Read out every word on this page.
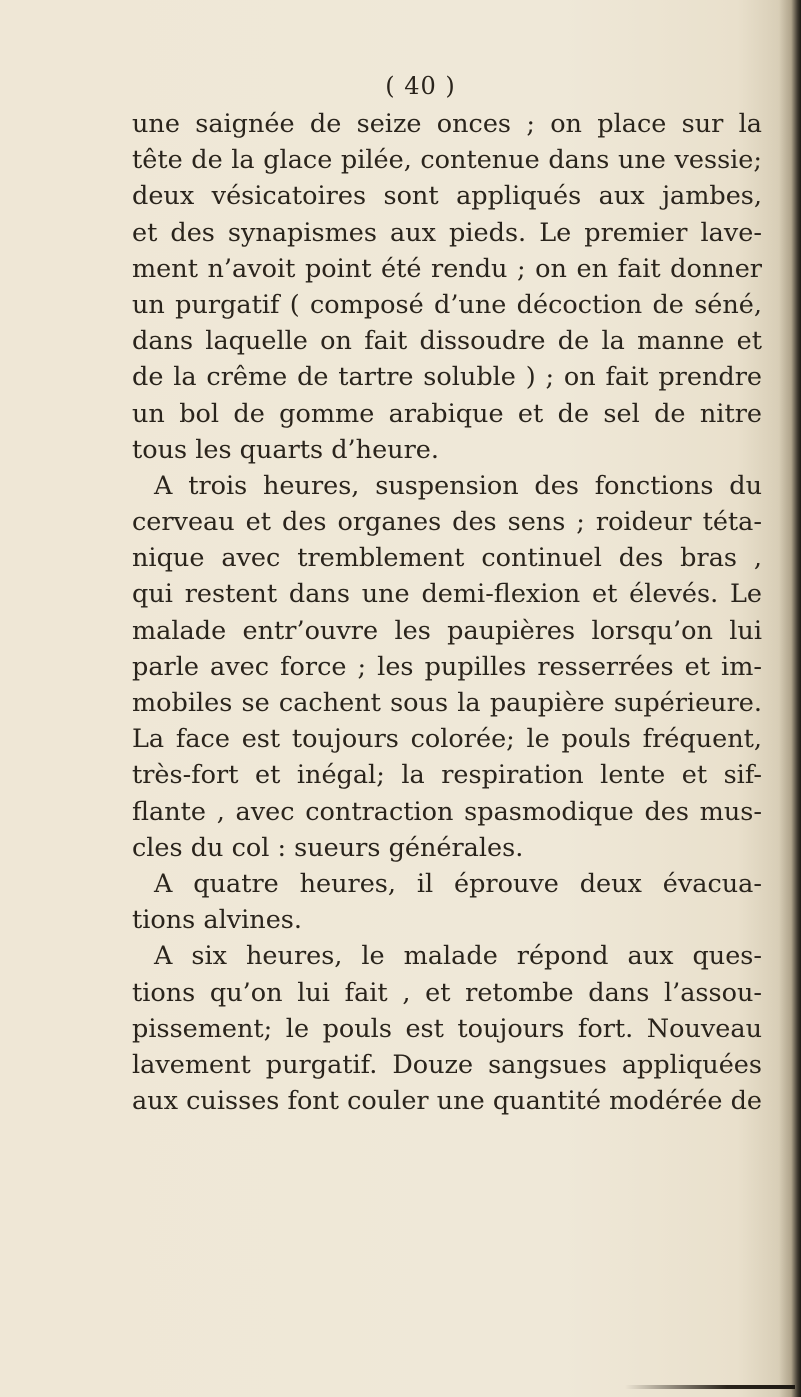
( 40 )
une saignée de seize onces ; on place sur la
tête de la glace pilée, contenue dans une vessie;
deux vésicatoires sont appliqués aux jambes,
et des synapismes aux pieds. Le premier lave-
ment n’avoit point été rendu ; on en fait donner
un purgatif ( composé d’une décoction de séné,
dans laquelle on fait dissoudre de la manne et
de la crême de tartre soluble ) ; on fait prendre
un bol de gomme arabique et de sel de nitre
tous les quarts d’heure.
A trois heures, suspension des fonctions du
cerveau et des organes des sens ; roideur téta-
nique avec tremblement continuel des bras ,
qui restent dans une demi-flexion et élevés. Le
malade entr’ouvre les paupières lorsqu’on lui
parle avec force ; les pupilles resserrées et im-
mobiles se cachent sous la paupière supérieure.
La face est toujours colorée; le pouls fréquent,
très-fort et inégal; la respiration lente et sif-
flante , avec contraction spasmodique des mus-
cles du col : sueurs générales.
A quatre heures, il éprouve deux évacua-
tions alvines.
A six heures, le malade répond aux ques-
tions qu’on lui fait , et retombe dans l’assou-
pissement; le pouls est toujours fort. Nouveau
lavement purgatif. Douze sangsues appliquées
aux cuisses font couler une quantité modérée de
